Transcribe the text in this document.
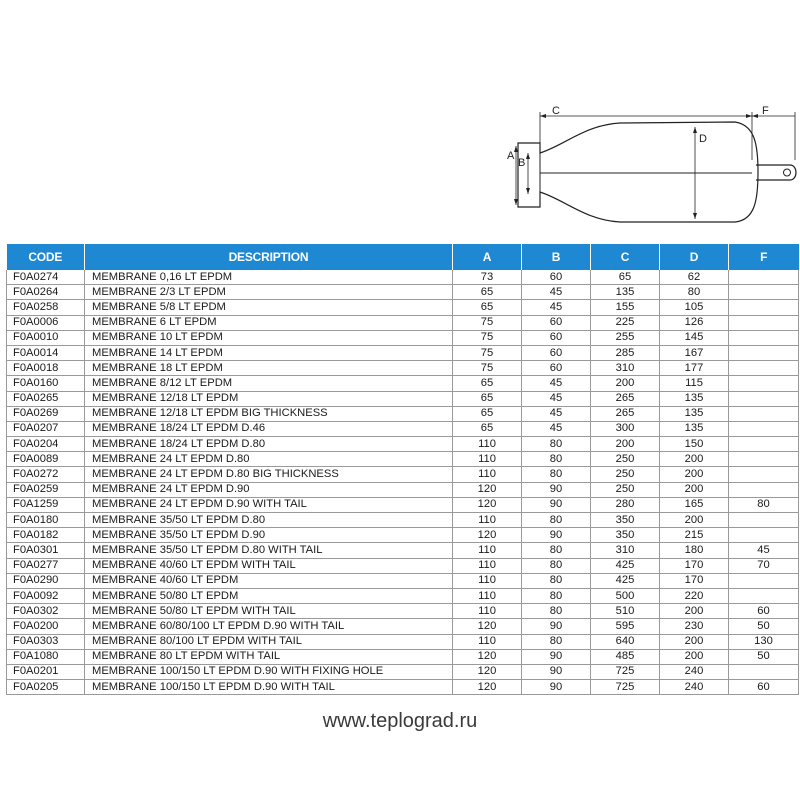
C	F
D
A
B
CODE	DESCRIPTION	A	B	C	D	F
F0A0274	MEMBRANE 0,16 LT EPDM	73	60	65	62	
F0A0264	MEMBRANE 2/3 LT EPDM	65	45	135	80	
F0A0258	MEMBRANE 5/8 LT EPDM	65	45	155	105	
F0A0006	MEMBRANE 6 LT EPDM	75	60	225	126	
F0A0010	MEMBRANE 10 LT EPDM	75	60	255	145	
F0A0014	MEMBRANE 14 LT EPDM	75	60	285	167	
F0A0018	MEMBRANE 18 LT EPDM	75	60	310	177	
F0A0160	MEMBRANE 8/12 LT EPDM	65	45	200	115	
F0A0265	MEMBRANE 12/18 LT EPDM	65	45	265	135	
F0A0269	MEMBRANE 12/18 LT EPDM BIG THICKNESS	65	45	265	135	
F0A0207	MEMBRANE 18/24 LT EPDM D.46	65	45	300	135	
F0A0204	MEMBRANE 18/24 LT EPDM D.80	110	80	200	150	
F0A0089	MEMBRANE 24 LT EPDM D.80	110	80	250	200	
F0A0272	MEMBRANE 24 LT EPDM D.80 BIG THICKNESS	110	80	250	200	
F0A0259	MEMBRANE 24 LT EPDM D.90	120	90	250	200	
F0A1259	MEMBRANE 24 LT EPDM D.90 WITH TAIL	120	90	280	165	80
F0A0180	MEMBRANE 35/50 LT EPDM D.80	110	80	350	200	
F0A0182	MEMBRANE 35/50 LT EPDM D.90	120	90	350	215	
F0A0301	MEMBRANE 35/50 LT EPDM D.80 WITH TAIL	110	80	310	180	45
F0A0277	MEMBRANE 40/60 LT EPDM WITH TAIL	110	80	425	170	70
F0A0290	MEMBRANE 40/60 LT EPDM	110	80	425	170	
F0A0092	MEMBRANE 50/80 LT EPDM	110	80	500	220	
F0A0302	MEMBRANE 50/80 LT EPDM WITH TAIL	110	80	510	200	60
F0A0200	MEMBRANE 60/80/100 LT EPDM D.90 WITH TAIL	120	90	595	230	50
F0A0303	MEMBRANE 80/100 LT EPDM WITH TAIL	110	80	640	200	130
F0A1080	MEMBRANE 80 LT EPDM WITH TAIL	120	90	485	200	50
F0A0201	MEMBRANE 100/150 LT EPDM D.90 WITH FIXING HOLE	120	90	725	240	
F0A0205	MEMBRANE 100/150 LT EPDM D.90 WITH TAIL	120	90	725	240	60
www.teplograd.ru
